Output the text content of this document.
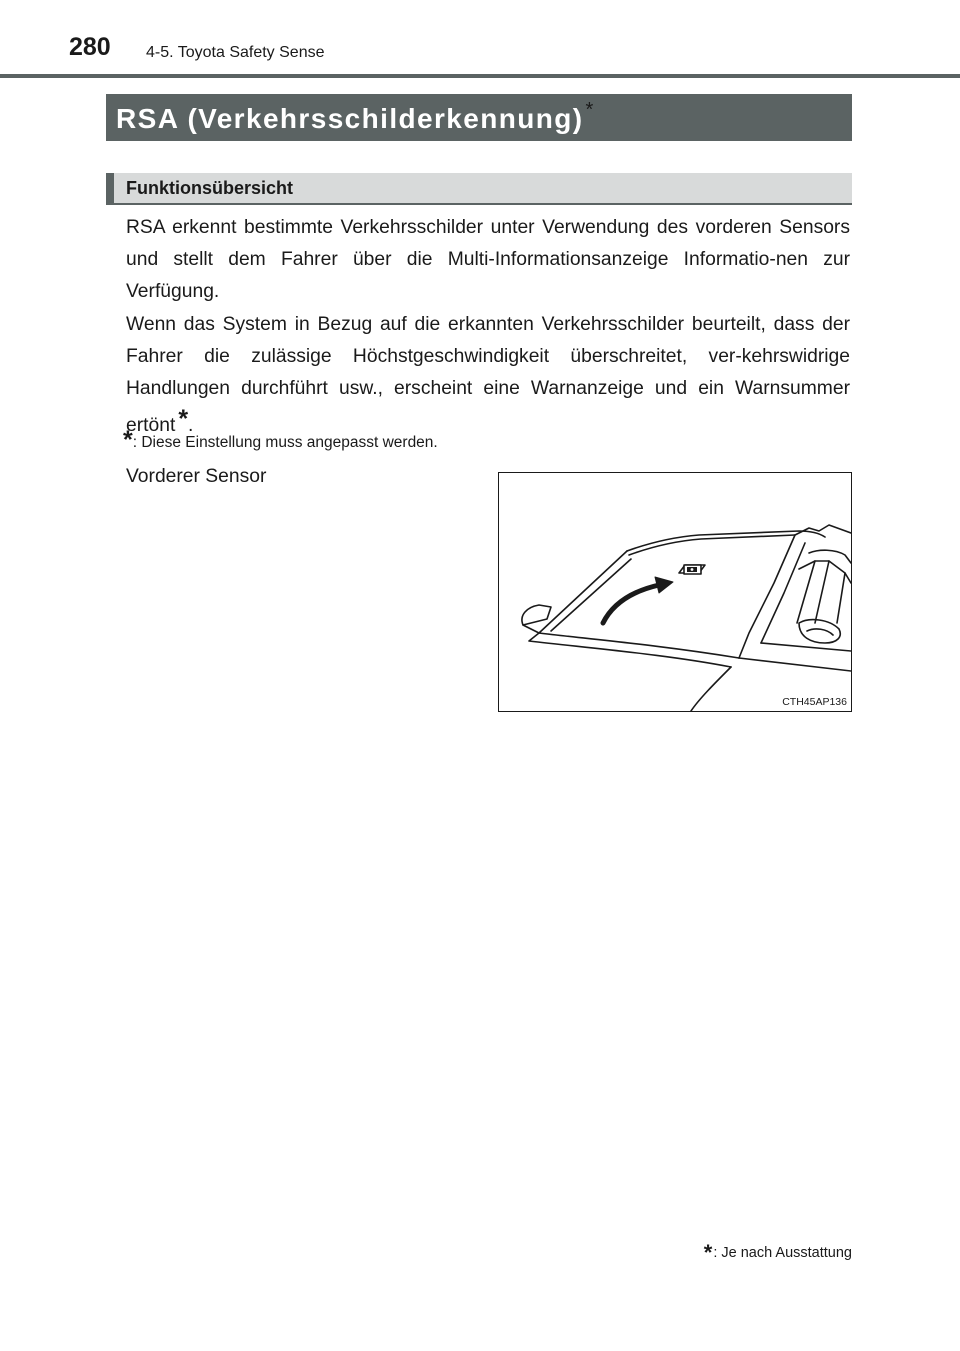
280 4-5. Toyota Safety Sense
RSA (Verkehrsschilderkennung) *
Funktionsübersicht

RSA erkennt bestimmte Verkehrsschilder unter Verwendung des vorderen Sensors und stellt dem Fahrer über die Multi-Informationsanzeige Informatio-nen zur Verfügung.

Wenn das System in Bezug auf die erkannten Verkehrsschilder beurteilt, dass der Fahrer die zulässige Höchstgeschwindigkeit überschreitet, ver-kehrswidrige Handlungen durchführt usw., erscheint eine Warnanzeige und ein Warnsummer ertönt *.

*: Diese Einstellung muss angepasst werden.
Vorderer Sensor
CTH45AP136
*: Je nach Ausstattung
